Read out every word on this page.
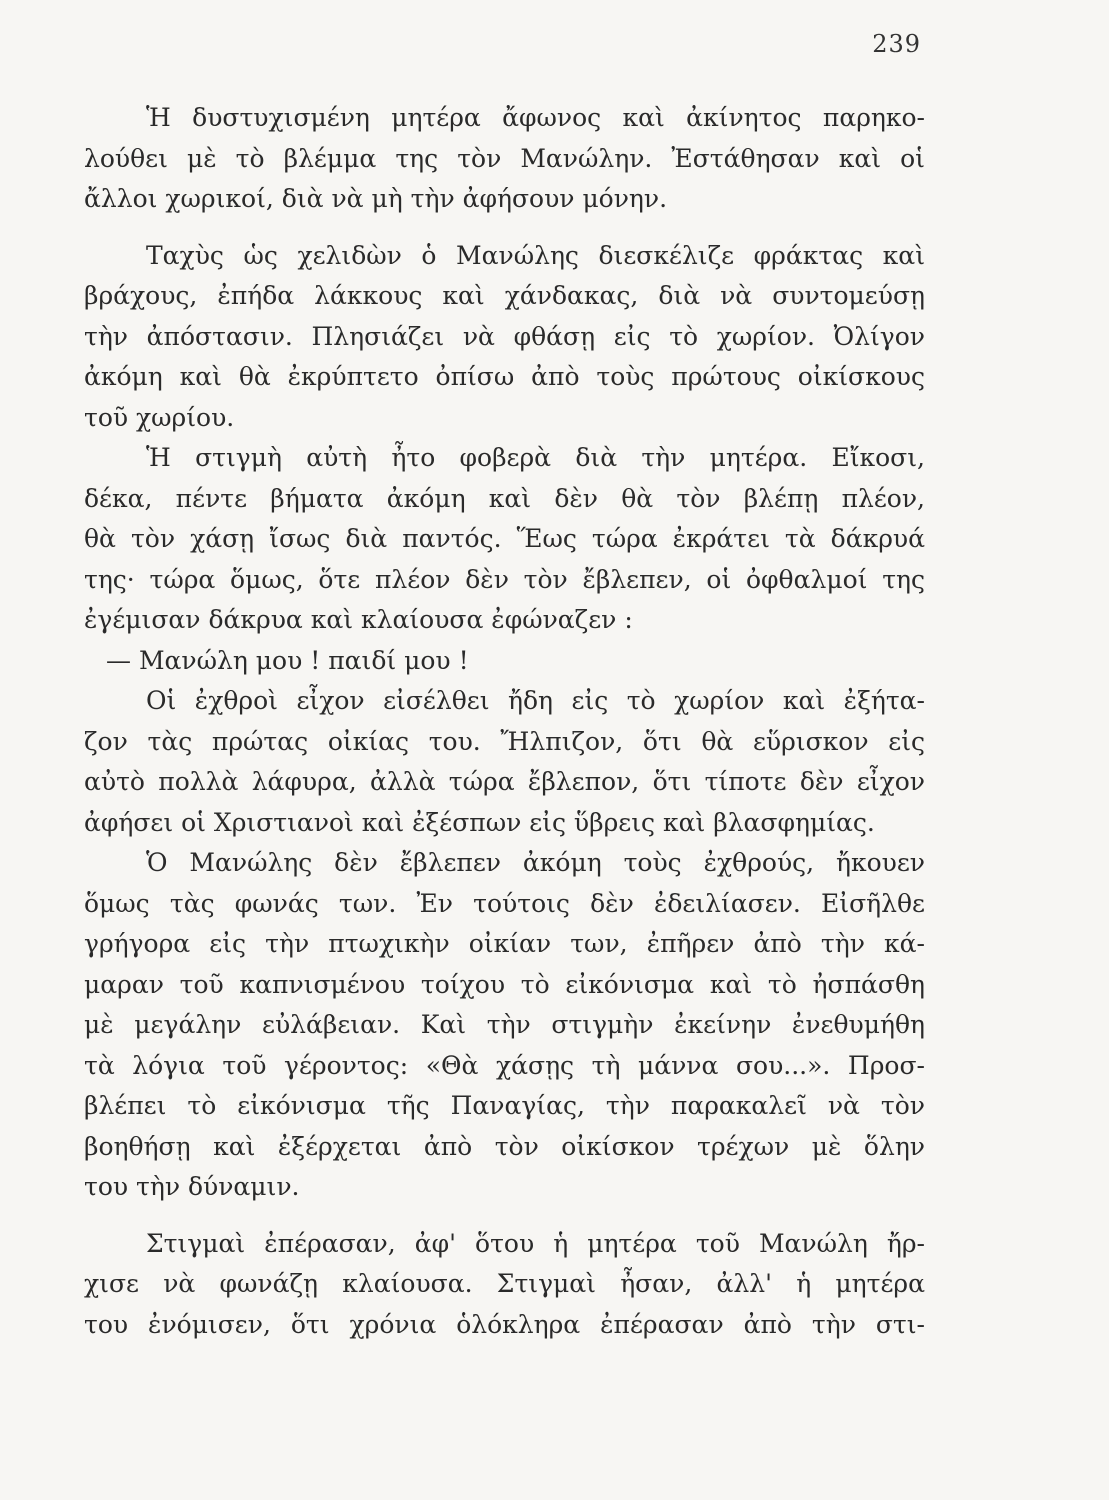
239
Ἡ δυστυχισμένη μητέρα ἄφωνος καὶ ἀκίνητος παρηκο-
λούθει μὲ τὸ βλέμμα της τὸν Μανώλην. Ἐστάθησαν καὶ οἱ
ἄλλοι χωρικοί, διὰ νὰ μὴ τὴν ἀφήσουν μόνην.
Ταχὺς ὡς χελιδὼν ὁ Μανώλης διεσκέλιζε φράκτας καὶ
βράχους, ἐπήδα λάκκους καὶ χάνδακας, διὰ νὰ συντομεύσῃ
τὴν ἀπόστασιν. Πλησιάζει νὰ φθάσῃ εἰς τὸ χωρίον. Ὀλίγον
ἀκόμη καὶ θὰ ἐκρύπτετο ὀπίσω ἀπὸ τοὺς πρώτους οἰκίσκους
τοῦ χωρίου.
Ἡ στιγμὴ αὐτὴ ἦτο φοβερὰ διὰ τὴν μητέρα. Εἴκοσι,
δέκα, πέντε βήματα ἀκόμη καὶ δὲν θὰ τὸν βλέπῃ πλέον,
θὰ τὸν χάσῃ ἴσως διὰ παντός. Ἕως τώρα ἐκράτει τὰ δάκρυά
της· τώρα ὅμως, ὅτε πλέον δὲν τὸν ἔβλεπεν, οἱ ὀφθαλμοί της
ἐγέμισαν δάκρυα καὶ κλαίουσα ἐφώναζεν :
— Μανώλη μου ! παιδί μου !
Οἱ ἐχθροὶ εἶχον εἰσέλθει ἤδη εἰς τὸ χωρίον καὶ ἐξήτα-
ζον τὰς πρώτας οἰκίας του. Ἤλπιζον, ὅτι θὰ εὕρισκον εἰς
αὐτὸ πολλὰ λάφυρα, ἀλλὰ τώρα ἔβλεπον, ὅτι τίποτε δὲν εἶχον
ἀφήσει οἱ Χριστιανοὶ καὶ ἐξέσπων εἰς ὕβρεις καὶ βλασφημίας.
Ὁ Μανώλης δὲν ἔβλεπεν ἀκόμη τοὺς ἐχθρούς, ἤκουεν
ὅμως τὰς φωνάς των. Ἐν τούτοις δὲν ἐδειλίασεν. Εἰσῆλθε
γρήγορα εἰς τὴν πτωχικὴν οἰκίαν των, ἐπῆρεν ἀπὸ τὴν κά-
μαραν τοῦ καπνισμένου τοίχου τὸ εἰκόνισμα καὶ τὸ ἠσπάσθη
μὲ μεγάλην εὐλάβειαν. Καὶ τὴν στιγμὴν ἐκείνην ἐνεθυμήθη
τὰ λόγια τοῦ γέροντος: «Θὰ χάσῃς τὴ μάννα σου...». Προσ-
βλέπει τὸ εἰκόνισμα τῆς Παναγίας, τὴν παρακαλεῖ νὰ τὸν
βοηθήσῃ καὶ ἐξέρχεται ἀπὸ τὸν οἰκίσκον τρέχων μὲ ὅλην
του τὴν δύναμιν.
Στιγμαὶ ἐπέρασαν, ἀφ' ὅτου ἡ μητέρα τοῦ Μανώλη ἤρ-
χισε νὰ φωνάζῃ κλαίουσα. Στιγμαὶ ἦσαν, ἀλλ' ἡ μητέρα
του ἐνόμισεν, ὅτι χρόνια ὁλόκληρα ἐπέρασαν ἀπὸ τὴν στι-
